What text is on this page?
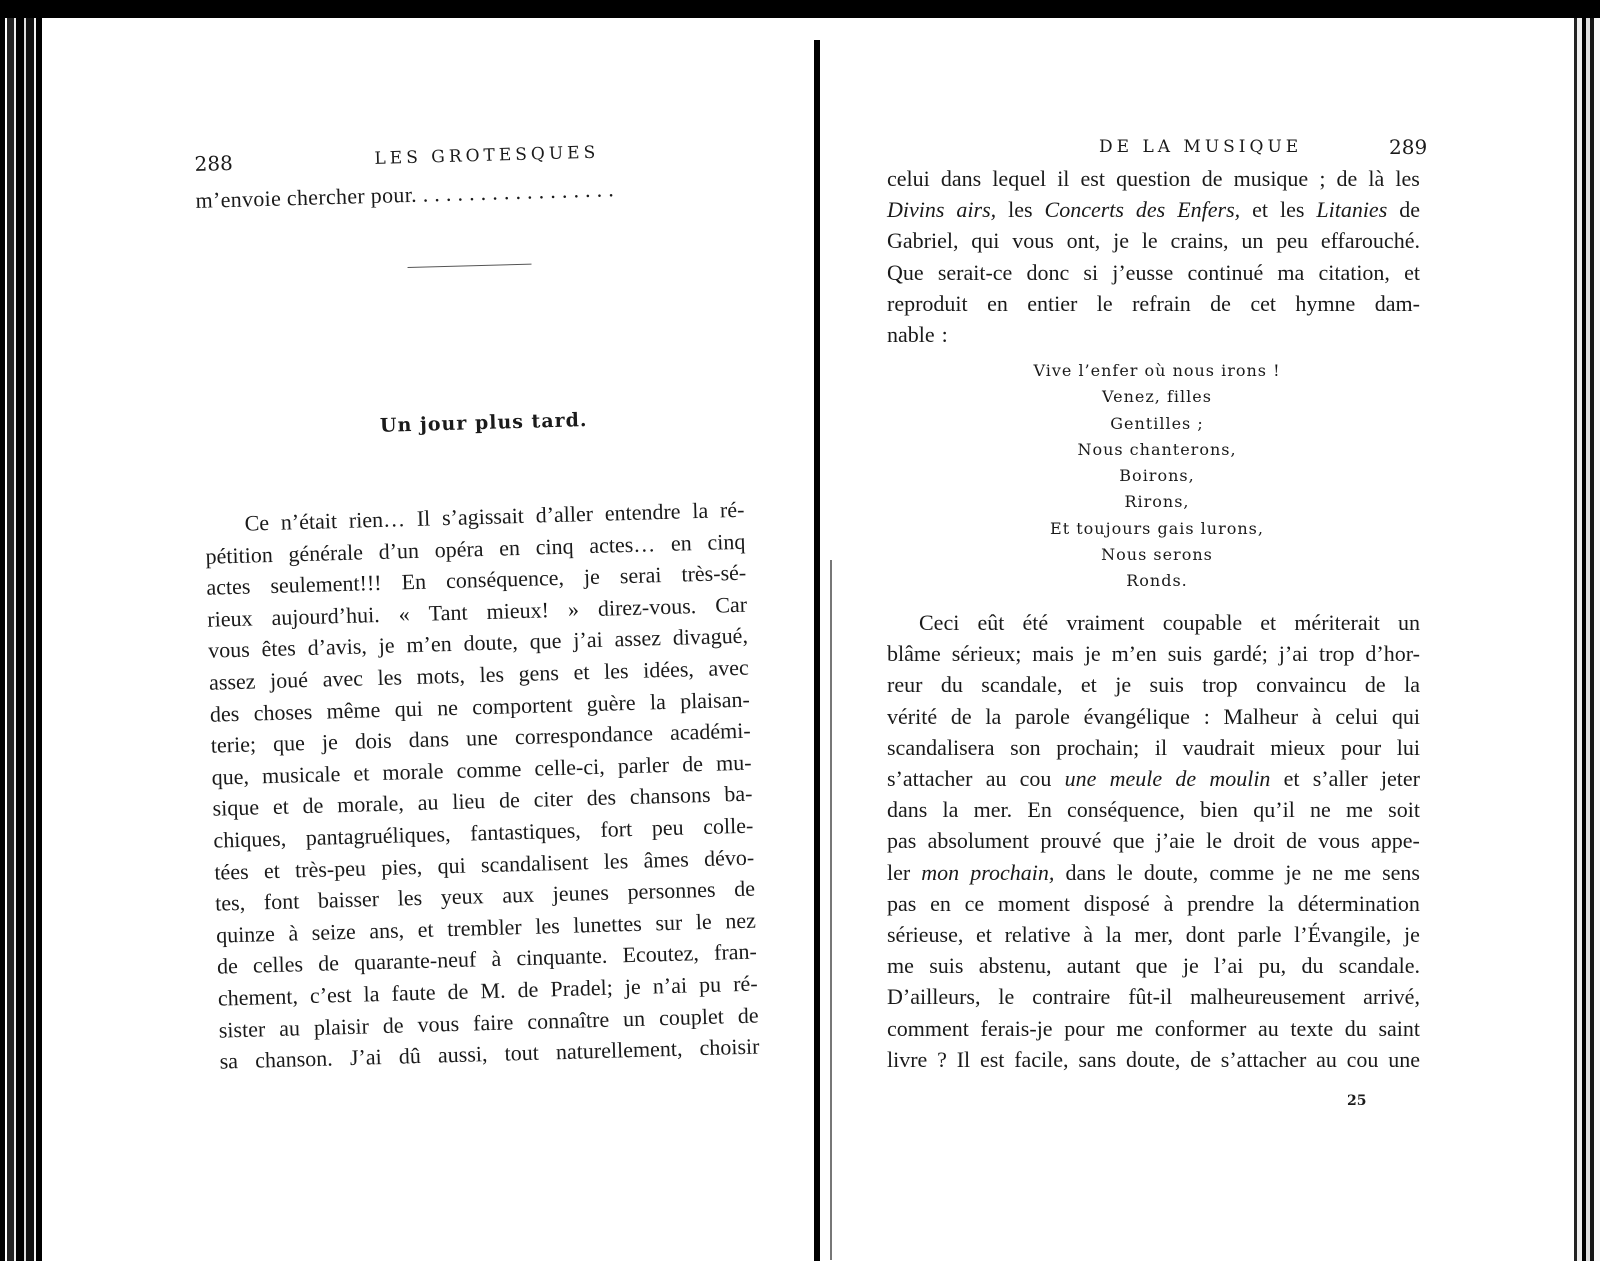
288	LES GROTESQUES
m’envoie chercher pour. . . . . . . . . . . . . . . . . .
Un jour plus tard.
Ce n’était rien… Il s’agissait d’aller entendre la ré-
pétition générale d’un opéra en cinq actes… en cinq
actes seulement!!! En conséquence, je serai très-sé-
rieux aujourd’hui. « Tant mieux! » direz-vous. Car
vous êtes d’avis, je m’en doute, que j’ai assez divagué,
assez joué avec les mots, les gens et les idées, avec
des choses même qui ne comportent guère la plaisan-
terie; que je dois dans une correspondance académi-
que, musicale et morale comme celle-ci, parler de mu-
sique et de morale, au lieu de citer des chansons ba-
chiques, pantagruéliques, fantastiques, fort peu colle-
tées et très-peu pies, qui scandalisent les âmes dévo-
tes, font baisser les yeux aux jeunes personnes de
quinze à seize ans, et trembler les lunettes sur le nez
de celles de quarante-neuf à cinquante. Ecoutez, fran-
chement, c’est la faute de M. de Pradel; je n’ai pu ré-
sister au plaisir de vous faire connaître un couplet de
sa chanson. J’ai dû aussi, tout naturellement, choisir
DE LA MUSIQUE	289
celui dans lequel il est question de musique ; de là les
Divins airs, les Concerts des Enfers, et les Litanies de
Gabriel, qui vous ont, je le crains, un peu effarouché.
Que serait-ce donc si j’eusse continué ma citation, et
reproduit en entier le refrain de cet hymne dam-
nable :
Vive l’enfer où nous irons !
Venez, filles
Gentilles ;
Nous chanterons,
Boirons,
Rirons,
Et toujours gais lurons,
Nous serons
Ronds.
Ceci eût été vraiment coupable et mériterait un
blâme sérieux; mais je m’en suis gardé; j’ai trop d’hor-
reur du scandale, et je suis trop convaincu de la
vérité de la parole évangélique : Malheur à celui qui
scandalisera son prochain; il vaudrait mieux pour lui
s’attacher au cou une meule de moulin et s’aller jeter
dans la mer. En conséquence, bien qu’il ne me soit
pas absolument prouvé que j’aie le droit de vous appe-
ler mon prochain, dans le doute, comme je ne me sens
pas en ce moment disposé à prendre la détermination
sérieuse, et relative à la mer, dont parle l’Évangile, je
me suis abstenu, autant que je l’ai pu, du scandale.
D’ailleurs, le contraire fût-il malheureusement arrivé,
comment ferais-je pour me conformer au texte du saint
livre ? Il est facile, sans doute, de s’attacher au cou une
25
